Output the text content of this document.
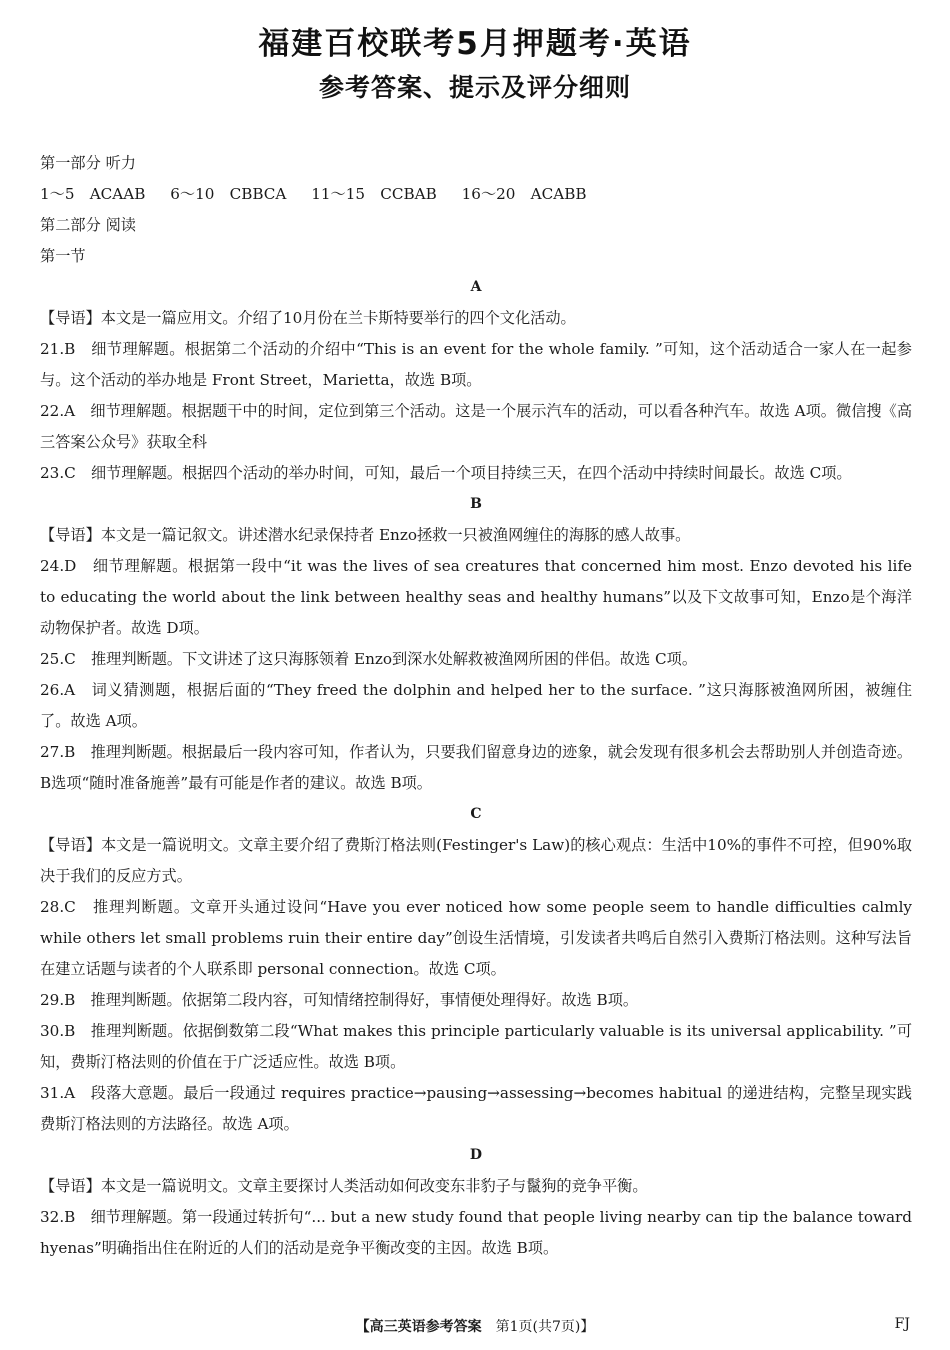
福建百校联考5月押题考·英语
参考答案、提示及评分细则
第一部分 听力
1～5　ACAAB 6～10　CBBCA 11～15　CCBAB 16～20　ACABB
第二部分 阅读
第一节
A
【导语】本文是一篇应用文。介绍了10月份在兰卡斯特要举行的四个文化活动。
21.B　 细节理解题。根据第二个活动的介绍中“This is an event for the whole family. ”可知，这个活动适合一家人在一起参与。这个活动的举办地是 Front Street，Marietta，故选 B项。
22.A　 细节理解题。根据题干中的时间，定位到第三个活动。这是一个展示汽车的活动，可以看各种汽车。故选 A项。微信搜《高三答案公众号》获取全科
23.C　 细节理解题。根据四个活动的举办时间，可知，最后一个项目持续三天，在四个活动中持续时间最长。故选 C项。
B
【导语】本文是一篇记叙文。讲述潜水纪录保持者 Enzo拯救一只被渔网缠住的海豚的感人故事。
24.D　 细节理解题。根据第一段中“it was the lives of sea creatures that concerned him most. Enzo devoted his life to educating the world about the link between healthy seas and healthy humans”以及下文故事可知，Enzo是个海洋动物保护者。故选 D项。
25.C　 推理判断题。下文讲述了这只海豚领着 Enzo到深水处解救被渔网所困的伴侣。故选 C项。
26.A　 词义猜测题，根据后面的“They freed the dolphin and helped her to the surface. ”这只海豚被渔网所困，被缠住了。故选 A项。
27.B　 推理判断题。根据最后一段内容可知，作者认为，只要我们留意身边的迹象，就会发现有很多机会去帮助别人并创造奇迹。B选项“随时准备施善”最有可能是作者的建议。故选 B项。
C
【导语】本文是一篇说明文。文章主要介绍了费斯汀格法则(Festinger's Law)的核心观点：生活中10%的事件不可控，但90%取决于我们的反应方式。
28.C　 推理判断题。文章开头通过设问“Have you ever noticed how some people seem to handle difficulties calmly while others let small problems ruin their entire day”创设生活情境，引发读者共鸣后自然引入费斯汀格法则。这种写法旨在建立话题与读者的个人联系即 personal connection。故选 C项。
29.B　 推理判断题。依据第二段内容，可知情绪控制得好，事情便处理得好。故选 B项。
30.B　 推理判断题。依据倒数第二段“What makes this principle particularly valuable is its universal applicability. ”可知，费斯汀格法则的价值在于广泛适应性。故选 B项。
31.A　 段落大意题。最后一段通过 requires practice→pausing→assessing→becomes habitual 的递进结构，完整呈现实践费斯汀格法则的方法路径。故选 A项。
D
【导语】本文是一篇说明文。文章主要探讨人类活动如何改变东非豹子与鬣狗的竞争平衡。
32.B　 细节理解题。第一段通过转折句“... but a new study found that people living nearby can tip the balance toward hyenas”明确指出住在附近的人们的活动是竞争平衡改变的主因。故选 B项。
【高三英语参考答案　 第1页(共7页)】	FJ
